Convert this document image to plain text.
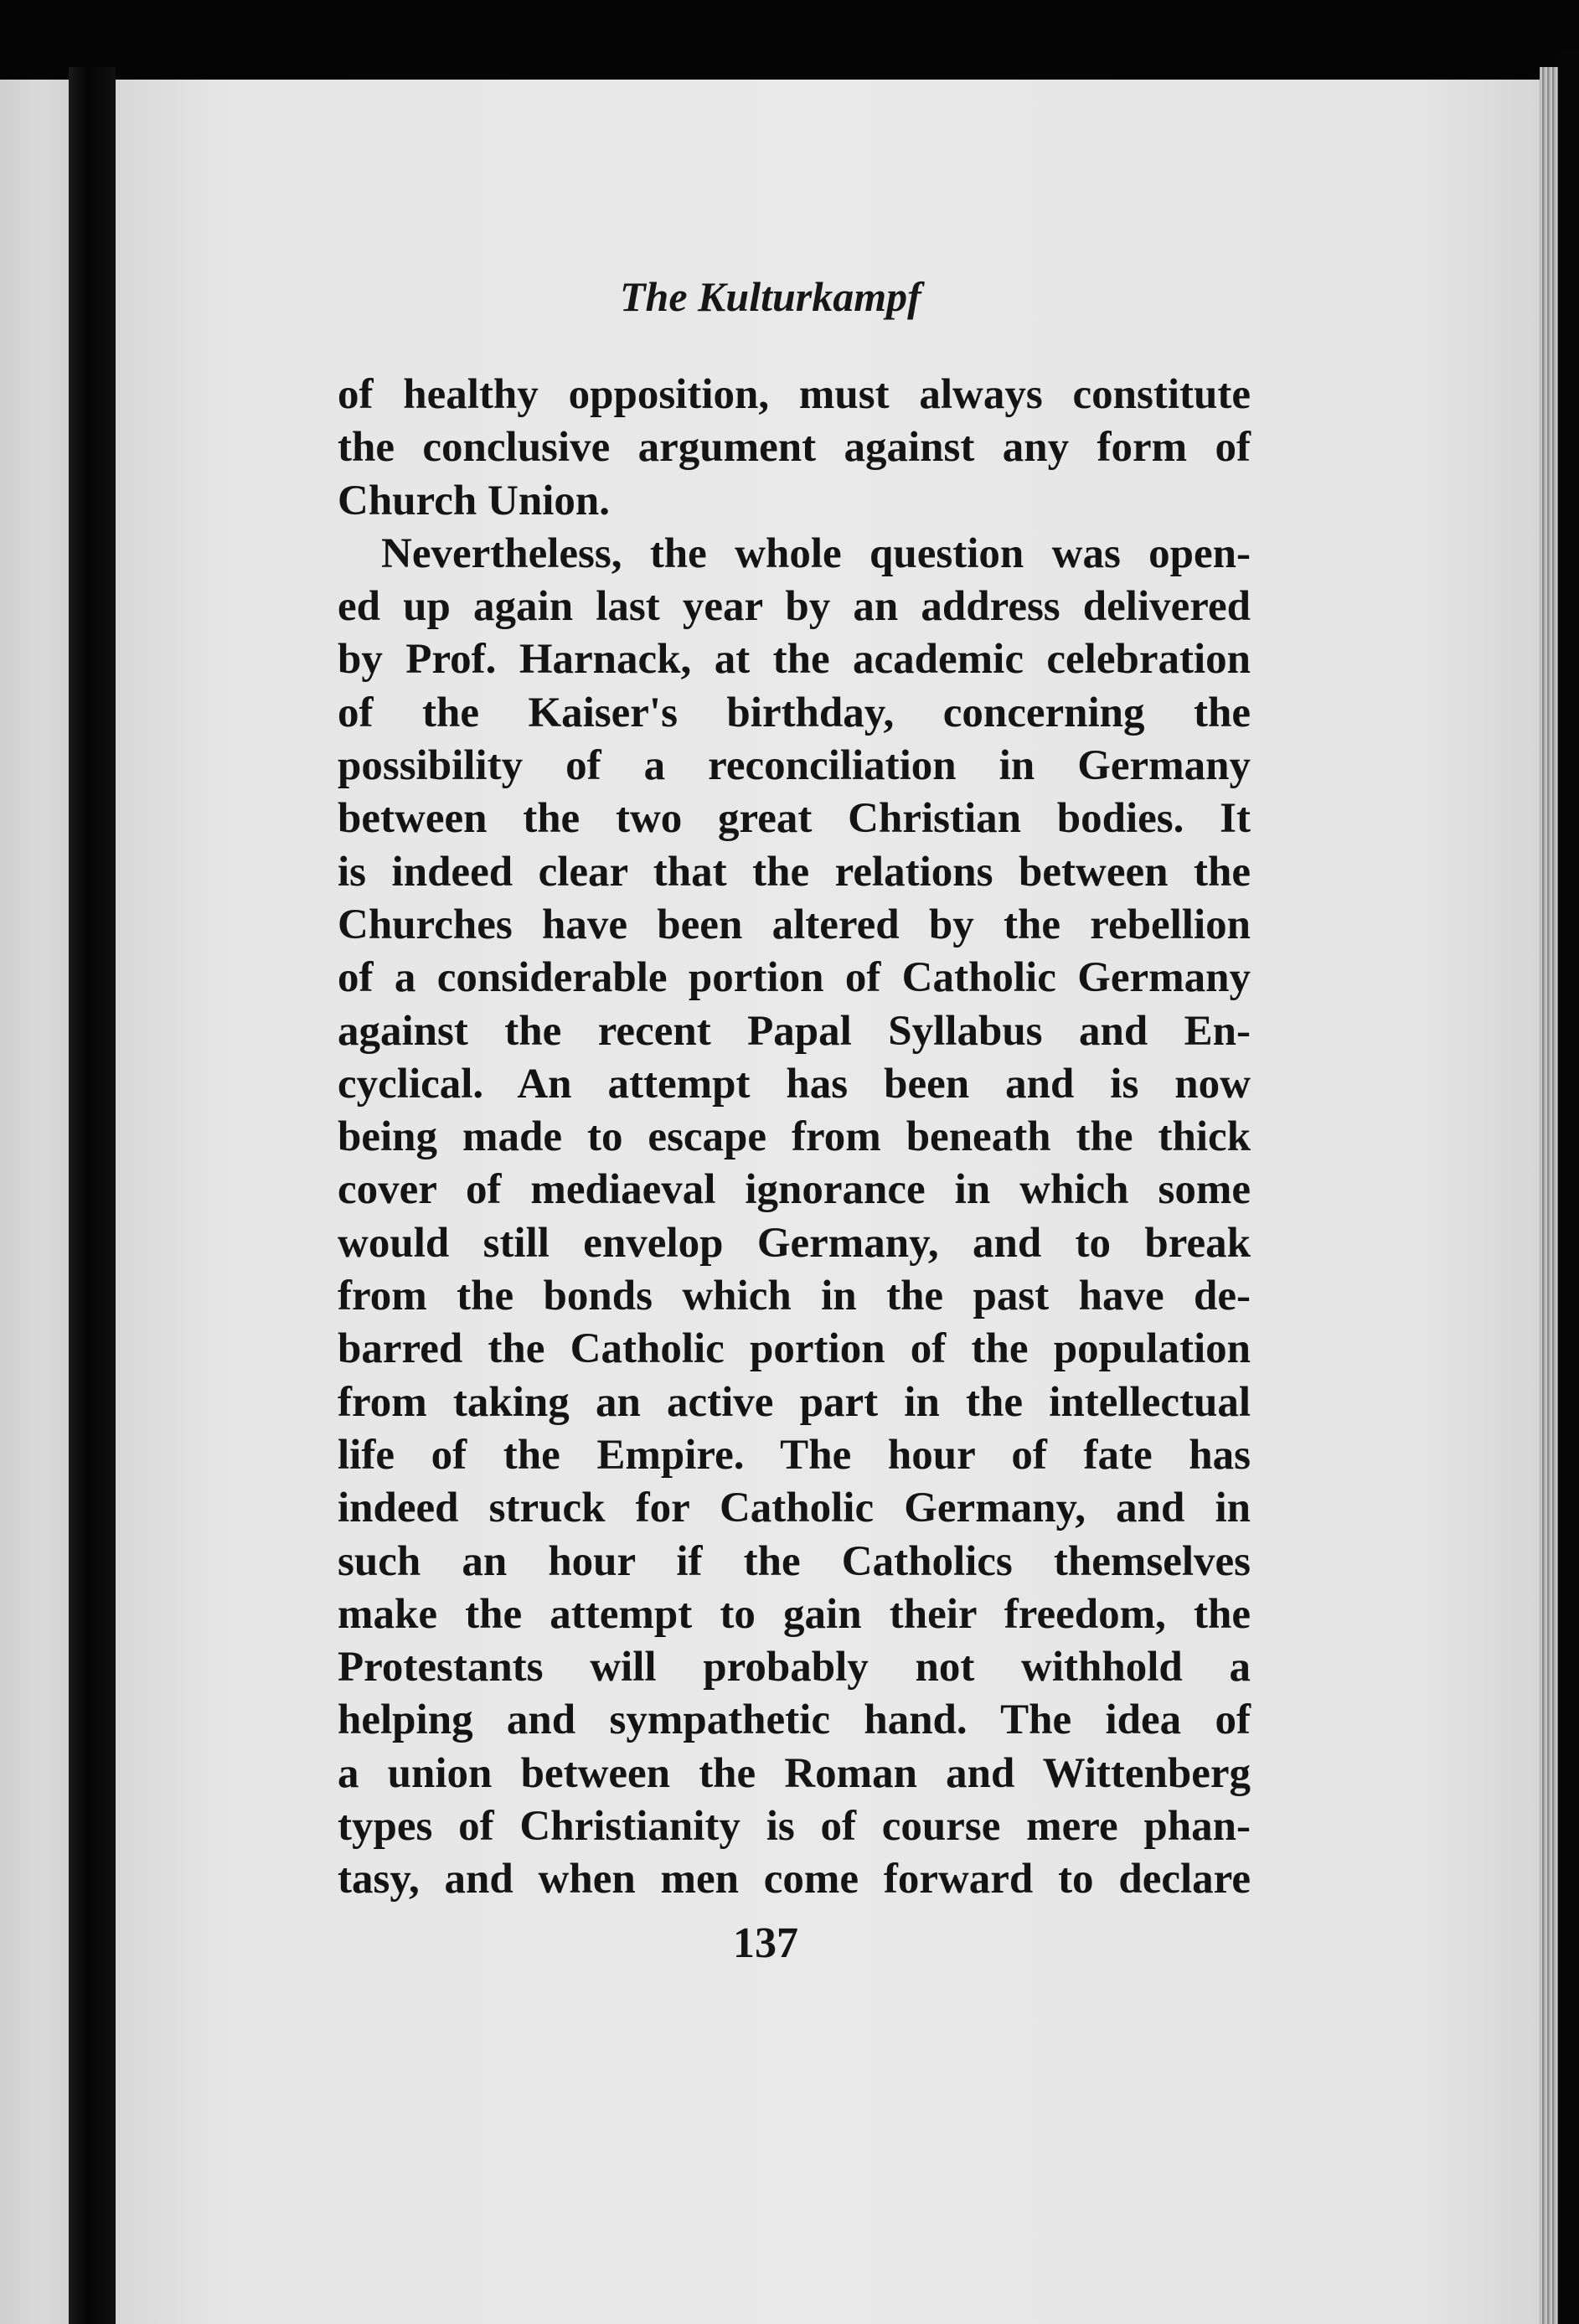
The Kulturkampf
of healthy opposition, must always constitute
the conclusive argument against any form of
Church Union.
Nevertheless, the whole question was open-
ed up again last year by an address delivered
by Prof. Harnack, at the academic celebration
of the Kaiser's birthday, concerning the
possibility of a reconciliation in Germany
between the two great Christian bodies. It
is indeed clear that the relations between the
Churches have been altered by the rebellion
of a considerable portion of Catholic Germany
against the recent Papal Syllabus and En-
cyclical. An attempt has been and is now
being made to escape from beneath the thick
cover of mediaeval ignorance in which some
would still envelop Germany, and to break
from the bonds which in the past have de-
barred the Catholic portion of the population
from taking an active part in the intellectual
life of the Empire. The hour of fate has
indeed struck for Catholic Germany, and in
such an hour if the Catholics themselves
make the attempt to gain their freedom, the
Protestants will probably not withhold a
helping and sympathetic hand. The idea of
a union between the Roman and Wittenberg
types of Christianity is of course mere phan-
tasy, and when men come forward to declare
137
